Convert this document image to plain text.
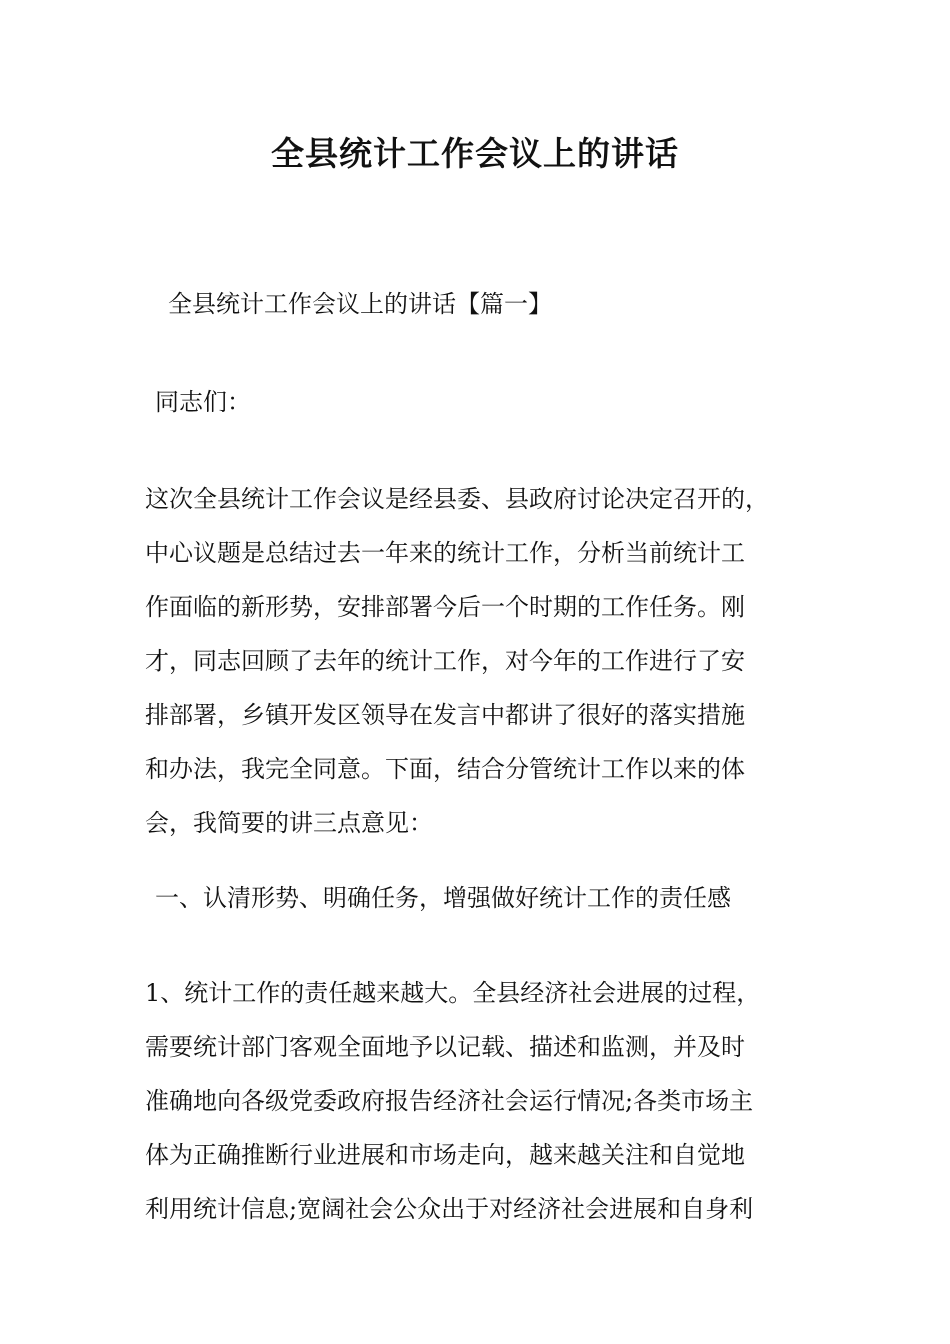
全县统计工作会议上的讲话

全县统计工作会议上的讲话【篇一】

同志们：

这次全县统计工作会议是经县委、县政府讨论决定召开的，
中心议题是总结过去一年来的统计工作，分析当前统计工
作面临的新形势，安排部署今后一个时期的工作任务。刚
才，同志回顾了去年的统计工作，对今年的工作进行了安
排部署，乡镇开发区领导在发言中都讲了很好的落实措施
和办法，我完全同意。下面，结合分管统计工作以来的体
会，我简要的讲三点意见：

一、认清形势、明确任务，增强做好统计工作的责任感

1、统计工作的责任越来越大。全县经济社会进展的过程，
需要统计部门客观全面地予以记载、描述和监测，并及时
准确地向各级党委政府报告经济社会运行情况;各类市场主
体为正确推断行业进展和市场走向，越来越关注和自觉地
利用统计信息;宽阔社会公众出于对经济社会进展和自身利
